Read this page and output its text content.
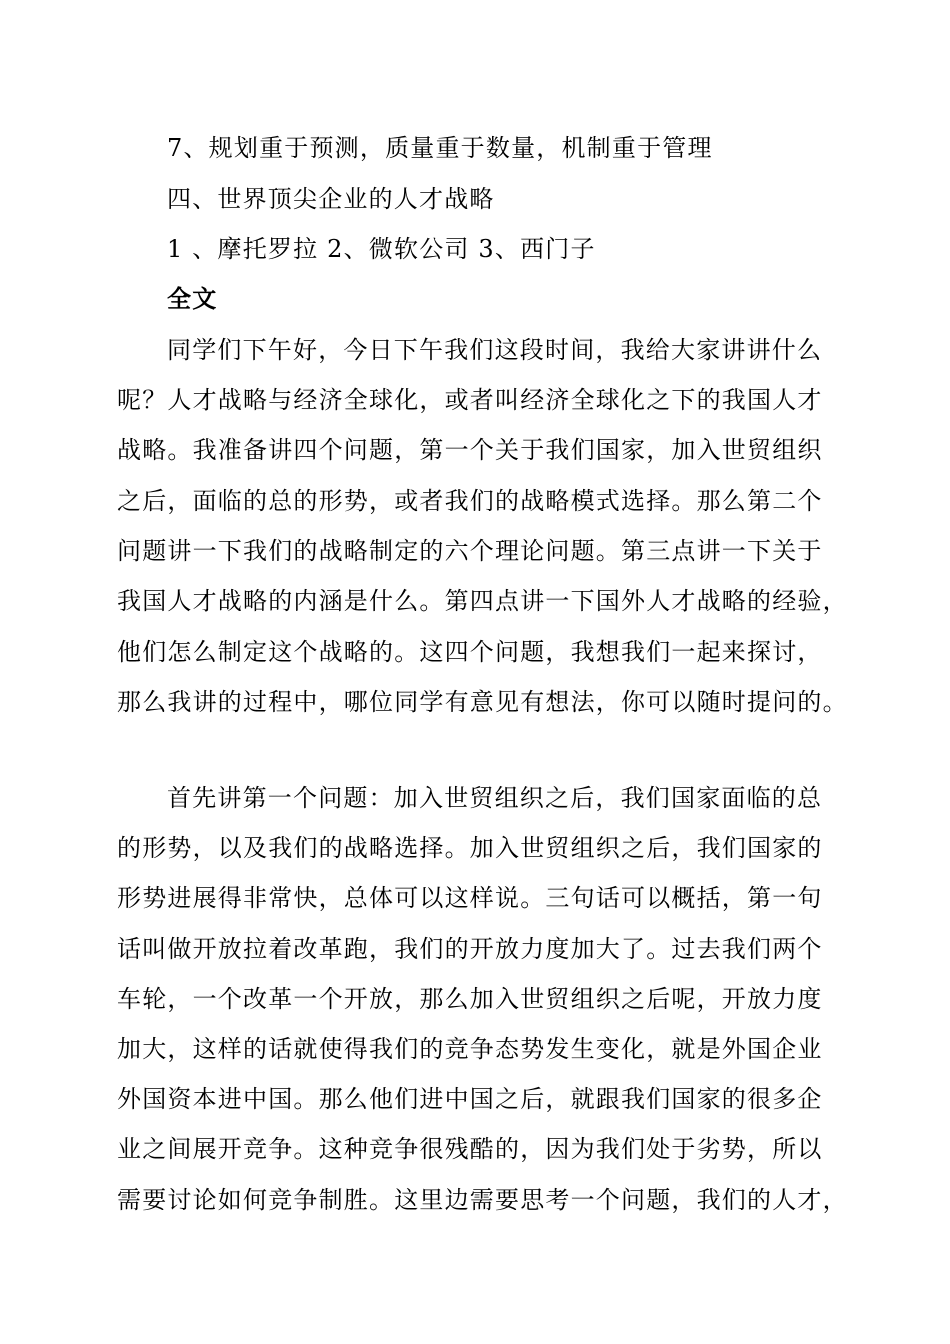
7、规划重于预测，质量重于数量，机制重于管理
四、世界顶尖企业的人才战略
1 、摩托罗拉 2、微软公司 3、西门子
全文
同学们下午好，今日下午我们这段时间，我给大家讲讲什么
呢？人才战略与经济全球化，或者叫经济全球化之下的我国人才
战略。我准备讲四个问题，第一个关于我们国家，加入世贸组织
之后，面临的总的形势，或者我们的战略模式选择。那么第二个
问题讲一下我们的战略制定的六个理论问题。第三点讲一下关于
我国人才战略的内涵是什么。第四点讲一下国外人才战略的经验，
他们怎么制定这个战略的。这四个问题，我想我们一起来探讨，
那么我讲的过程中，哪位同学有意见有想法，你可以随时提问的。
首先讲第一个问题：加入世贸组织之后，我们国家面临的总
的形势，以及我们的战略选择。加入世贸组织之后，我们国家的
形势进展得非常快，总体可以这样说。三句话可以概括，第一句
话叫做开放拉着改革跑，我们的开放力度加大了。过去我们两个
车轮，一个改革一个开放，那么加入世贸组织之后呢，开放力度
加大，这样的话就使得我们的竞争态势发生变化，就是外国企业
外国资本进中国。那么他们进中国之后，就跟我们国家的很多企
业之间展开竞争。这种竞争很残酷的，因为我们处于劣势，所以
需要讨论如何竞争制胜。这里边需要思考一个问题，我们的人才，
